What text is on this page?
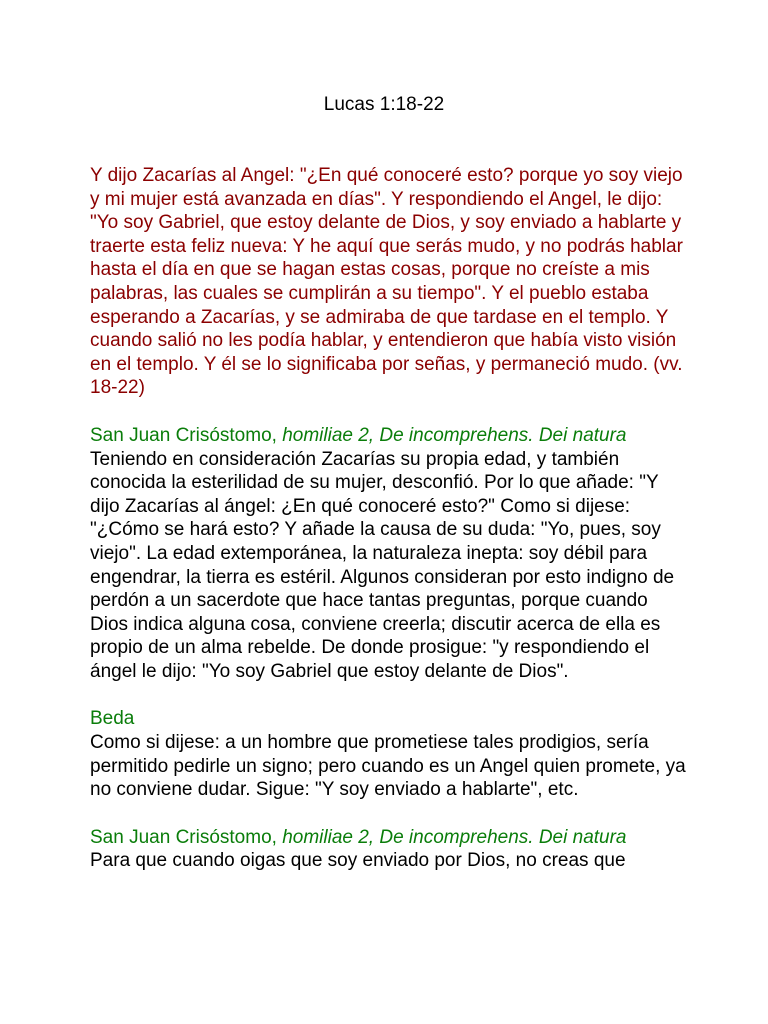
Lucas 1:18-22

Y dijo Zacarías al Angel: "¿En qué conoceré esto? porque yo soy viejo y mi mujer está avanzada en días". Y respondiendo el Angel, le dijo: "Yo soy Gabriel, que estoy delante de Dios, y soy enviado a hablarte y traerte esta feliz nueva: Y he aquí que serás mudo, y no podrás hablar hasta el día en que se hagan estas cosas, porque no creíste a mis palabras, las cuales se cumplirán a su tiempo". Y el pueblo estaba esperando a Zacarías, y se admiraba de que tardase en el templo. Y cuando salió no les podía hablar, y entendieron que había visto visión en el templo. Y él se lo significaba por señas, y permaneció mudo. (vv. 18-22)

San Juan Crisóstomo, homiliae 2, De incomprehens. Dei natura

Teniendo en consideración Zacarías su propia edad, y también conocida la esterilidad de su mujer, desconfió. Por lo que añade: "Y dijo Zacarías al ángel: ¿En qué conoceré esto?" Como si dijese: "¿Cómo se hará esto? Y añade la causa de su duda: "Yo, pues, soy viejo". La edad extemporánea, la naturaleza inepta: soy débil para engendrar, la tierra es estéril. Algunos consideran por esto indigno de perdón a un sacerdote que hace tantas preguntas, porque cuando Dios indica alguna cosa, conviene creerla; discutir acerca de ella es propio de un alma rebelde. De donde prosigue: "y respondiendo el ángel le dijo: "Yo soy Gabriel que estoy delante de Dios".

Beda

Como si dijese: a un hombre que prometiese tales prodigios, sería permitido pedirle un signo; pero cuando es un Angel quien promete, ya no conviene dudar. Sigue: "Y soy enviado a hablarte", etc.

San Juan Crisóstomo, homiliae 2, De incomprehens. Dei natura

Para que cuando oigas que soy enviado por Dios, no creas que
